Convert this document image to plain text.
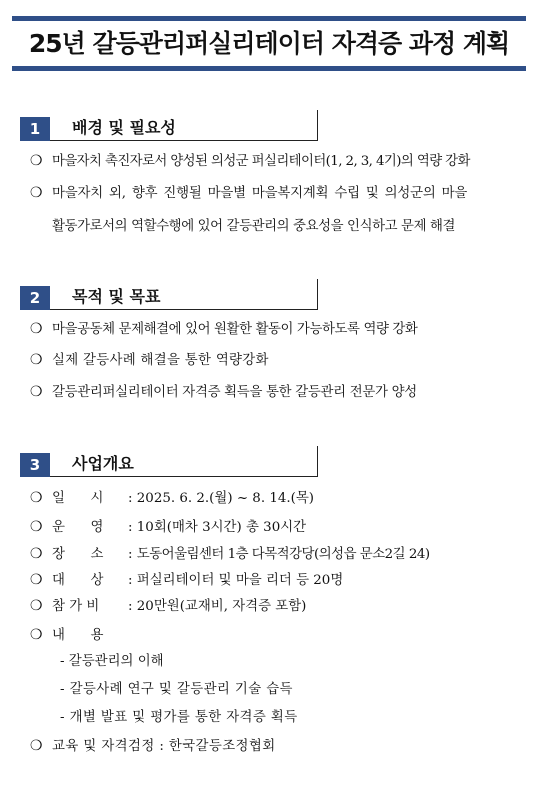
25년 갈등관리퍼실리테이터 자격증 과정 계획
1	배경 및 필요성
❍ 마을자치 촉진자로서 양성된 의성군 퍼실리테이터(1, 2, 3, 4기)의 역량 강화
❍ 마을자치 외, 향후 진행될 마을별 마을복지계획 수립 및 의성군의 마을
활동가로서의 역할수행에 있어 갈등관리의 중요성을 인식하고 문제 해결
2	목적 및 목표
❍ 마을공동체 문제해결에 있어 원활한 활동이 가능하도록 역량 강화
❍ 실제 갈등사례 해결을 통한 역량강화
❍ 갈등관리퍼실리테이터 자격증 획득을 통한 갈등관리 전문가 양성
3	사업개요
❍ 일      시 : 2025. 6. 2.(월) ~ 8. 14.(목)
❍ 운      영 : 10회(매차 3시간) 총 30시간
❍ 장      소 : 도동어울림센터 1층 다목적강당(의성읍 문소2길 24)
❍ 대      상 : 퍼실리테이터 및 마을 리더 등 20명
❍ 참 가 비 : 20만원(교재비, 자격증 포함)
❍ 내      용
- 갈등관리의 이해
- 갈등사례 연구 및 갈등관리 기술 습득
- 개별 발표 및 평가를 통한 자격증 획득
❍ 교육 및 자격검정 : 한국갈등조정협회
